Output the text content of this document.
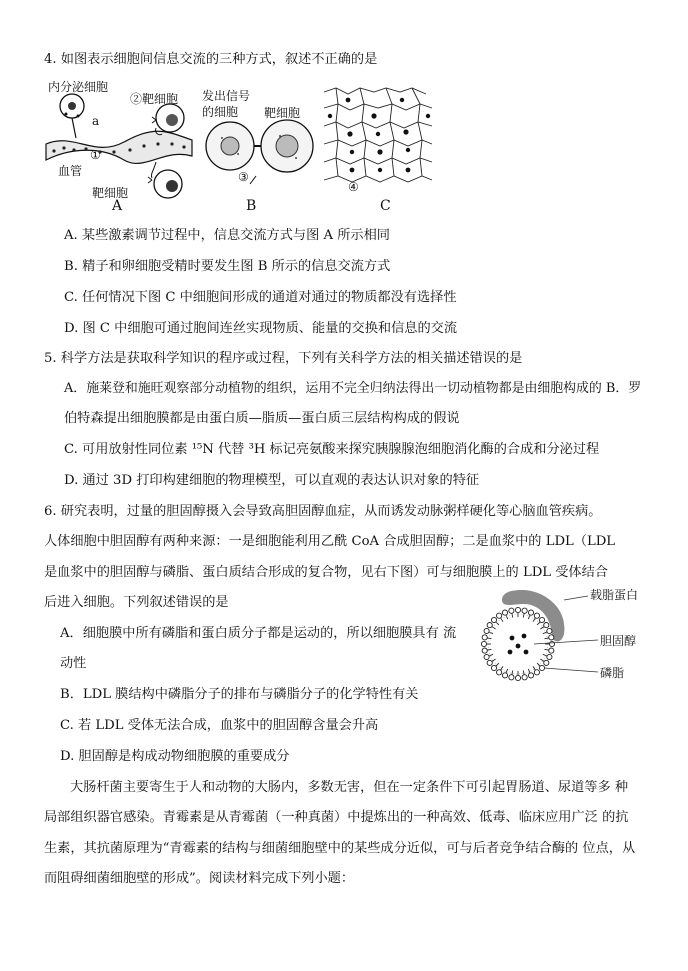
4. 如图表示细胞间信息交流的三种方式，叙述不正确的是
内分泌细胞
②靶细胞
a
①
血管
靶细胞
A
发出信号
的细胞	靶细胞
③
B
④
C
A. 某些激素调节过程中，信息交流方式与图 A 所示相同
B. 精子和卵细胞受精时要发生图 B 所示的信息交流方式
C. 任何情况下图 C 中细胞间形成的通道对通过的物质都没有选择性
D. 图 C 中细胞可通过胞间连丝实现物质、能量的交换和信息的交流
5. 科学方法是获取科学知识的程序或过程，下列有关科学方法的相关描述错误的是
A．施莱登和施旺观察部分动植物的组织，运用不完全归纳法得出一切动植物都是由细胞构成的 B．罗
伯特森提出细胞膜都是由蛋白质—脂质—蛋白质三层结构构成的假说
C. 可用放射性同位素 ¹⁵N 代替 ³H 标记亮氨酸来探究胰腺腺泡细胞消化酶的合成和分泌过程
D. 通过 3D 打印构建细胞的物理模型，可以直观的表达认识对象的特征
6. 研究表明，过量的胆固醇摄入会导致高胆固醇血症，从而诱发动脉粥样硬化等心脑血管疾病。
人体细胞中胆固醇有两种来源：一是细胞能利用乙酰 CoA 合成胆固醇；二是血浆中的 LDL（LDL
是血浆中的胆固醇与磷脂、蛋白质结合形成的复合物，见右下图）可与细胞膜上的 LDL 受体结合
后进入细胞。下列叙述错误的是	载脂蛋白
胆固醇
磷脂
A．细胞膜中所有磷脂和蛋白质分子都是运动的，所以细胞膜具有 流
动性
B．LDL 膜结构中磷脂分子的排布与磷脂分子的化学特性有关
C. 若 LDL 受体无法合成，血浆中的胆固醇含量会升高
D. 胆固醇是构成动物细胞膜的重要成分
大肠杆菌主要寄生于人和动物的大肠内，多数无害，但在一定条件下可引起胃肠道、尿道等多 种
局部组织器官感染。青霉素是从青霉菌（一种真菌）中提炼出的一种高效、低毒、临床应用广泛 的抗
生素，其抗菌原理为“青霉素的结构与细菌细胞壁中的某些成分近似，可与后者竞争结合酶的 位点，从
而阻碍细菌细胞壁的形成”。阅读材料完成下列小题：
